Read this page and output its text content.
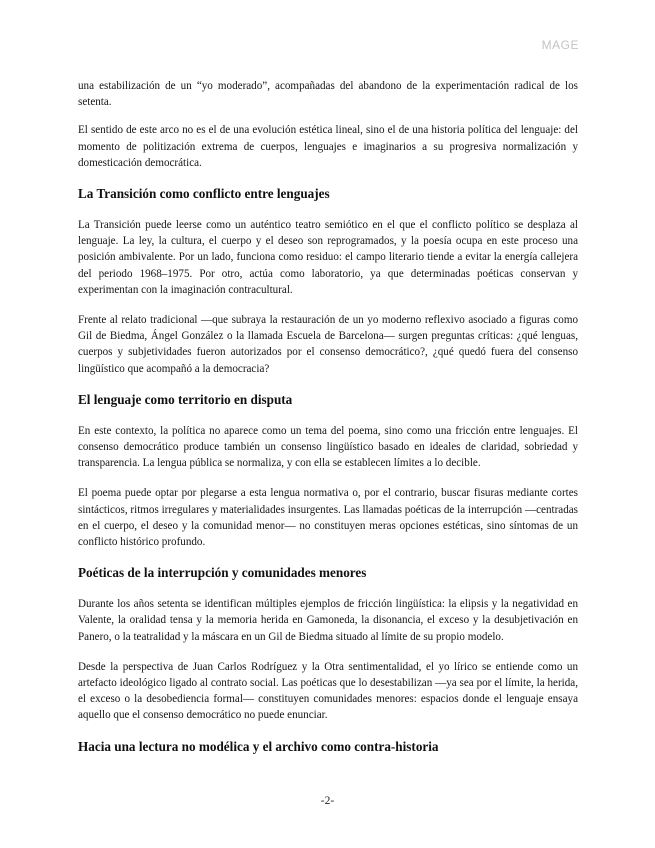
MAGE

una estabilización de un “yo moderado”, acompañadas del abandono de la experimentación radical de los setenta.

El sentido de este arco no es el de una evolución estética lineal, sino el de una historia política del lenguaje: del momento de politización extrema de cuerpos, lenguajes e imaginarios a su progresiva normalización y domesticación democrática.

La Transición como conflicto entre lenguajes

La Transición puede leerse como un auténtico teatro semiótico en el que el conflicto político se desplaza al lenguaje. La ley, la cultura, el cuerpo y el deseo son reprogramados, y la poesía ocupa en este proceso una posición ambivalente. Por un lado, funciona como residuo: el campo literario tiende a evitar la energía callejera del periodo 1968–1975. Por otro, actúa como laboratorio, ya que determinadas poéticas conservan y experimentan con la imaginación contracultural.

Frente al relato tradicional —que subraya la restauración de un yo moderno reflexivo asociado a figuras como Gil de Biedma, Ángel González o la llamada Escuela de Barcelona— surgen preguntas críticas: ¿qué lenguas, cuerpos y subjetividades fueron autorizados por el consenso democrático?, ¿qué quedó fuera del consenso lingüístico que acompañó a la democracia?

El lenguaje como territorio en disputa

En este contexto, la política no aparece como un tema del poema, sino como una fricción entre lenguajes. El consenso democrático produce también un consenso lingüístico basado en ideales de claridad, sobriedad y transparencia. La lengua pública se normaliza, y con ella se establecen límites a lo decible.

El poema puede optar por plegarse a esta lengua normativa o, por el contrario, buscar fisuras mediante cortes sintácticos, ritmos irregulares y materialidades insurgentes. Las llamadas poéticas de la interrupción —centradas en el cuerpo, el deseo y la comunidad menor— no constituyen meras opciones estéticas, sino síntomas de un conflicto histórico profundo.

Poéticas de la interrupción y comunidades menores

Durante los años setenta se identifican múltiples ejemplos de fricción lingüística: la elipsis y la negatividad en Valente, la oralidad tensa y la memoria herida en Gamoneda, la disonancia, el exceso y la desubjetivación en Panero, o la teatralidad y la máscara en un Gil de Biedma situado al límite de su propio modelo.

Desde la perspectiva de Juan Carlos Rodríguez y la Otra sentimentalidad, el yo lírico se entiende como un artefacto ideológico ligado al contrato social. Las poéticas que lo desestabilizan —ya sea por el límite, la herida, el exceso o la desobediencia formal— constituyen comunidades menores: espacios donde el lenguaje ensaya aquello que el consenso democrático no puede enunciar.

Hacia una lectura no modélica y el archivo como contra-historia
-2-
